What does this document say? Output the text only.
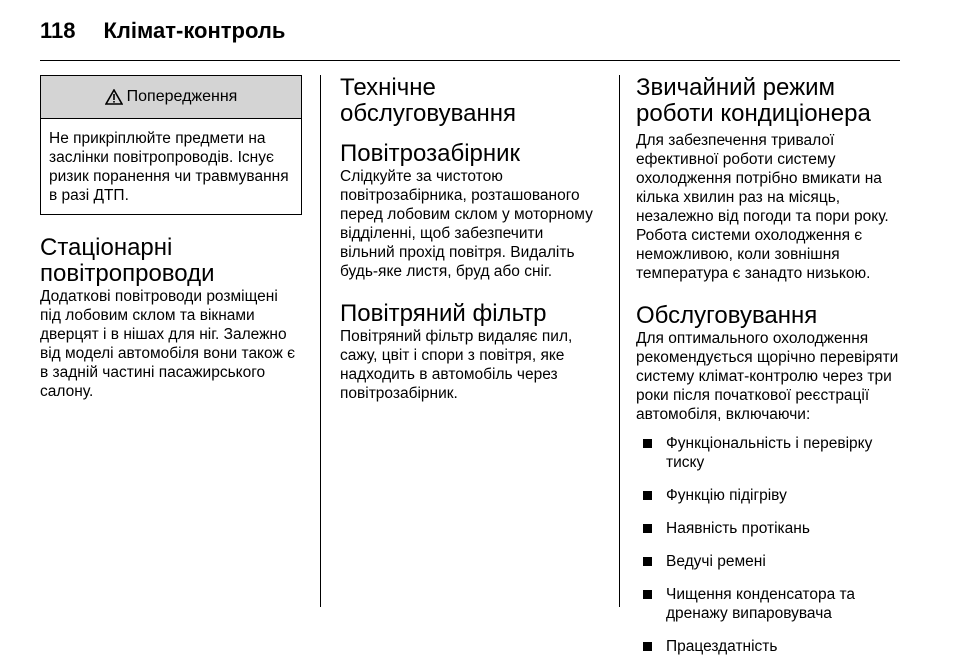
118 Клімат-контроль
Попередження
Не прикріплюйте предмети на заслінки повітропроводів. Існує ризик поранення чи травмування в разі ДТП.
Стаціонарні повітропроводи

Додаткові повітроводи розміщені під лобовим склом та вікнами дверцят і в нішах для ніг. Залежно від моделі автомобіля вони також є в задній частині пасажирського салону.

Технічне обслуговування
Повітрозабірник

Слідкуйте за чистотою повітрозабірника, розташованого перед лобовим склом у моторному відділенні, щоб забезпечити вільний прохід повітря. Видаліть будь-яке листя, бруд або сніг.

Повітряний фільтр

Повітряний фільтр видаляє пил, сажу, цвіт і спори з повітря, яке надходить в автомобіль через повітрозабірник.

Звичайний режим роботи кондиціонера

Для забезпечення тривалої ефективної роботи систему охолодження потрібно вмикати на кілька хвилин раз на місяць, незалежно від погоди та пори року. Робота системи охолодження є неможливою, коли зовнішня температура є занадто низькою.

Обслуговування

Для оптимального охолодження рекомендується щорічно перевіряти систему клімат-контролю через три роки після початкової реєстрації автомобіля, включаючи:

Функціональність і перевірку тиску
Функцію підігріву
Наявність протікань
Ведучі ремені
Чищення конденсатора та дренажу випаровувача
Працездатність
